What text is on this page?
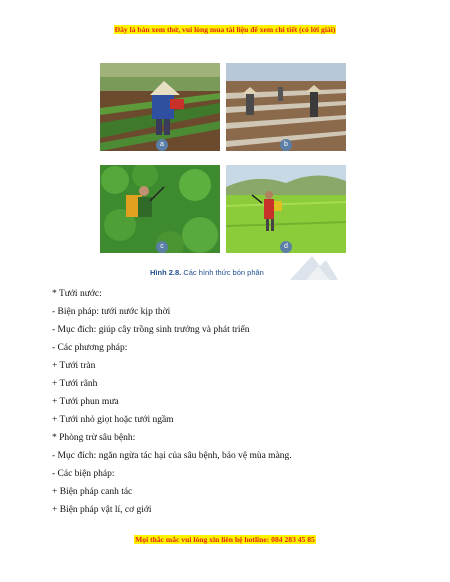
Đây là bản xem thử, vui lòng mua tài liệu để xem chi tiết (có lời giải)
a	b
c	d
Hình 2.8. Các hình thức bón phân
* Tưới nước:
- Biện pháp: tưới nước kịp thời
- Mục đích: giúp cây trồng sinh trưởng và phát triển
- Các phương pháp:
+ Tưới tràn
+ Tưới rãnh
+ Tưới phun mưa
+ Tưới nhỏ giọt hoặc tưới ngầm
* Phòng trừ sâu bệnh:
- Mục đích: ngăn ngừa tác hại của sâu bệnh, bảo vệ mùa màng.
- Các biện pháp:
+ Biện pháp canh tác
+ Biện pháp vật lí, cơ giới
Mọi thắc mắc vui lòng xin liên hệ hotline: 084 283 45 85
